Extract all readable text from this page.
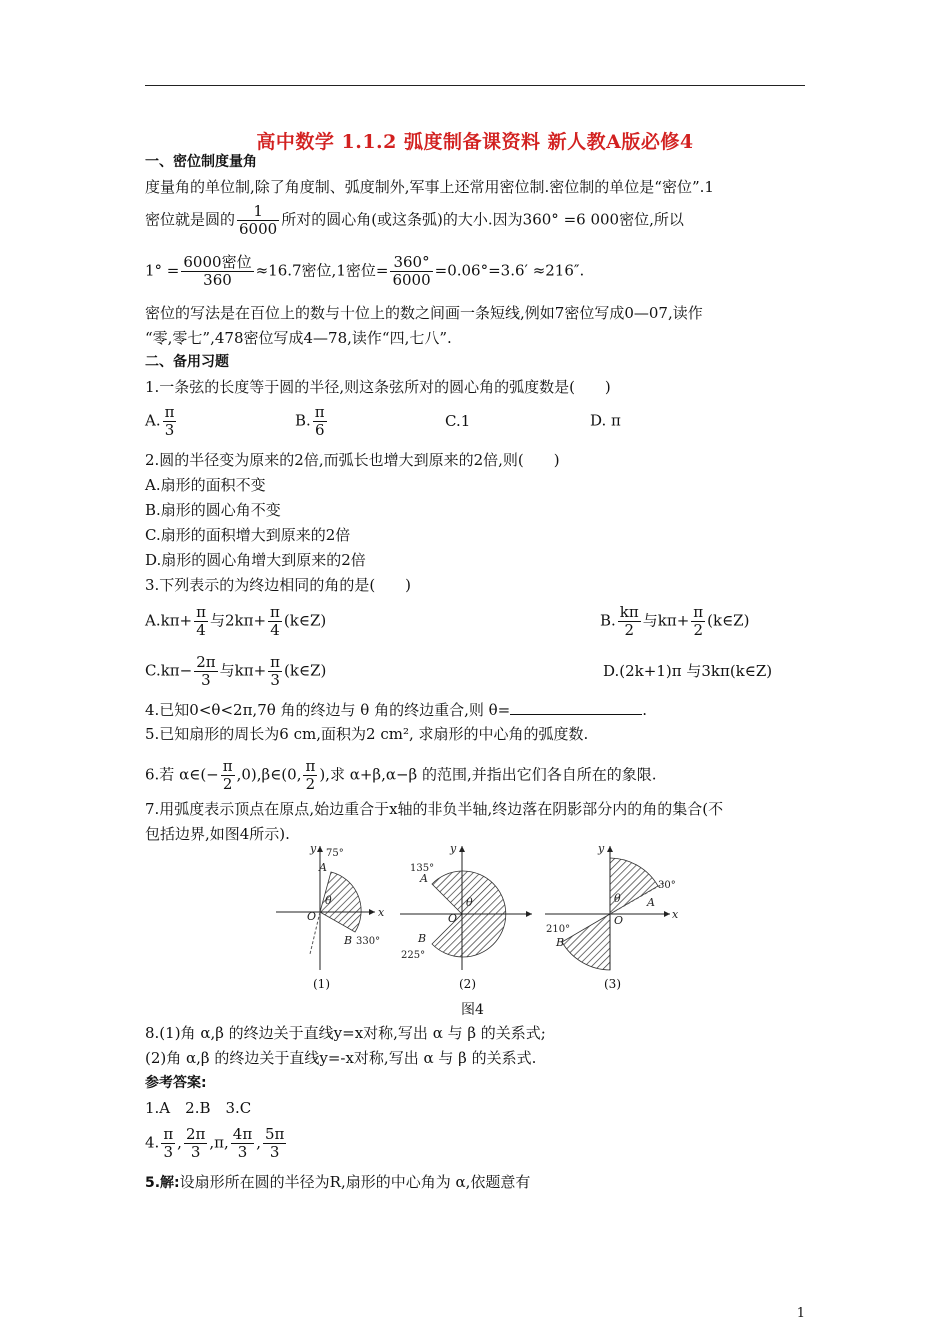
高中数学 1.1.2 弧度制备课资料 新人教A版必修4
一、密位制度量角
度量角的单位制,除了角度制、弧度制外,军事上还常用密位制.密位制的单位是“密位”.1
密位就是圆的 $\frac{1}{6000}$ 所对的圆心角(或这条弧)的大小.因为360° =6 000密位,所以
$1^\circ = \frac{\text{6000密位}}{360} \approx 16.7$密位,1密位= $\frac{360^\circ}{6000} =0.06^\circ=3.6' \approx 216''$.
密位的写法是在百位上的数与十位上的数之间画一条短线,例如7密位写成0—07,读作
“零,零七”,478密位写成4—78,读作“四,七八”.
二、备用习题
1.一条弦的长度等于圆的半径,则这条弦所对的圆心角的弧度数是(　　)
A. $\frac{\pi}{3}$	B. $\frac{\pi}{6}$	C.1	D. π
2.圆的半径变为原来的2倍,而弧长也增大到原来的2倍,则(　　)
A.扇形的面积不变
B.扇形的圆心角不变
C.扇形的面积增大到原来的2倍
D.扇形的圆心角增大到原来的2倍
3.下列表示的为终边相同的角的是(　　)
$A.k\pi+ \frac{\pi}{4}$ 与$2k\pi+ \frac{\pi}{4}$ (k∈Z)	B. $\frac{k\pi}{2}$ 与$k\pi+ \frac{\pi}{2}$ (k∈Z)
$C.k\pi- \frac{2\pi}{3}$ 与$k\pi+ \frac{\pi}{3}$ (k∈Z)	D.(2k+1)π 与3kπ(k∈Z)
4.已知0<θ<2π,7θ 角的终边与 θ 角的终边重合,则 θ=	.
5.已知扇形的周长为6 cm,面积为2 cm², 求扇形的中心角的弧度数.
6.若 α∈(− $\frac{\pi}{2}$ ,0),β∈(0, $\frac{\pi}{2}$ ),求 α+β,α−β 的范围,并指出它们各自所在的象限.
7.用弧度表示顶点在原点,始边重合于x轴的非负半轴,终边落在阴影部分内的角的集合(不
包括边界,如图4所示).
x
y
O
θ
A
B
75°
330°
y
O
θ
A
B
135°
225°
x
y
O
θ A
B
30°
210°
(1)	(2)	(3)
图4
8.(1)角 α,β 的终边关于直线y=x对称,写出 α 与 β 的关系式;
(2)角 α,β 的终边关于直线y=-x对称,写出 α 与 β 的关系式.
参考答案:
1.A　2.B　3.C
4. $\frac{\pi}{3}$ , $\frac{2\pi}{3} ,\pi$, $\frac{4\pi}{3}$ , $\frac{5\pi}{3}$
5.解:设扇形所在圆的半径为R,扇形的中心角为 α,依题意有
1
